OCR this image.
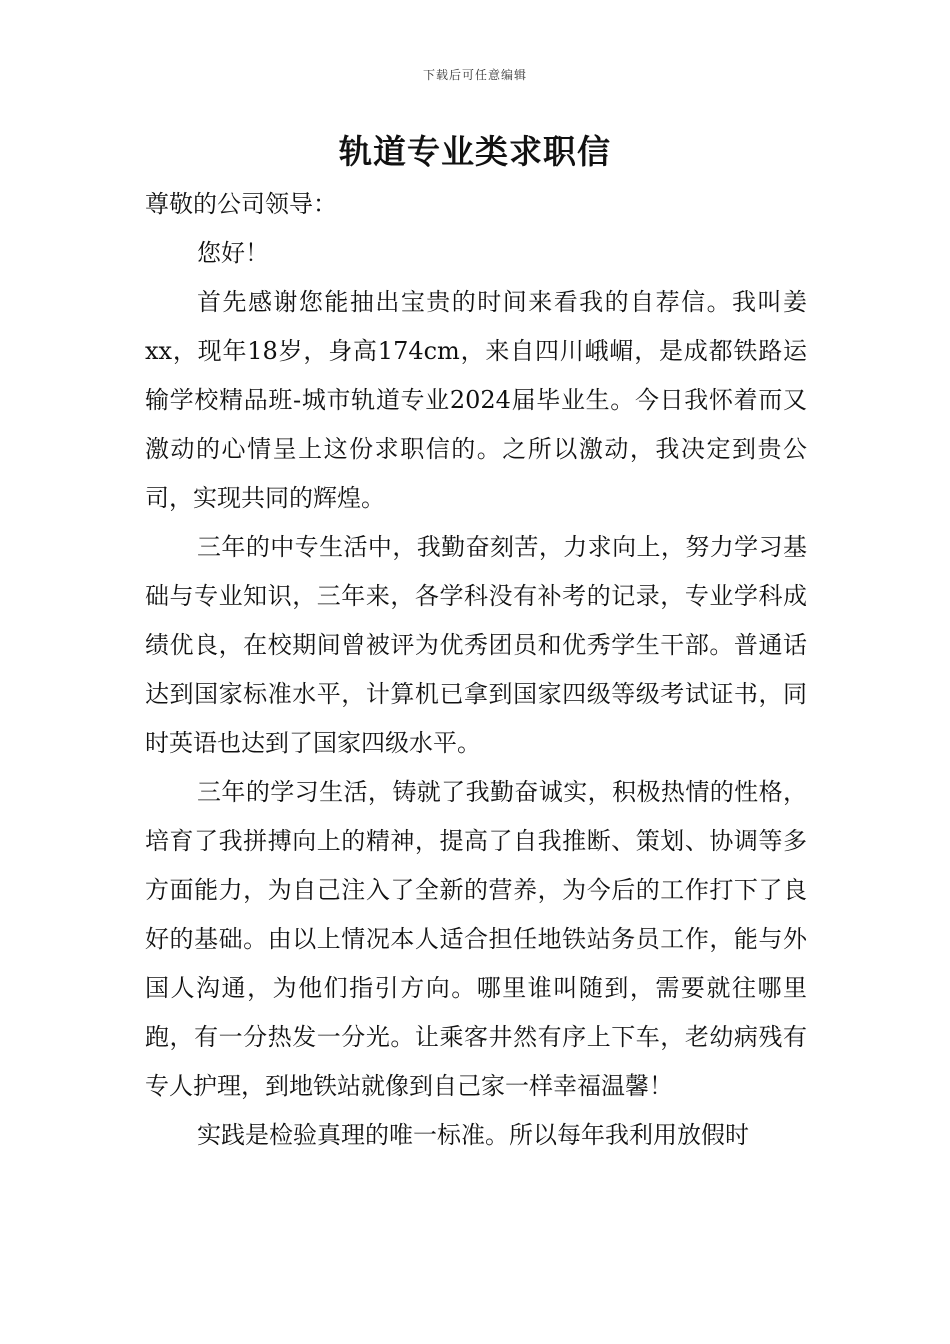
下载后可任意编辑
轨道专业类求职信

尊敬的公司领导：

您好！

首先感谢您能抽出宝贵的时间来看我的自荐信。我叫姜xx，现年18岁，身高174cm，来自四川峨嵋，是成都铁路运输学校精品班-城市轨道专业2024届毕业生。今日我怀着而又激动的心情呈上这份求职信的。之所以激动，我决定到贵公司，实现共同的辉煌。

三年的中专生活中，我勤奋刻苦，力求向上，努力学习基础与专业知识，三年来，各学科没有补考的记录，专业学科成绩优良，在校期间曾被评为优秀团员和优秀学生干部。普通话达到国家标准水平，计算机已拿到国家四级等级考试证书，同时英语也达到了国家四级水平。

三年的学习生活，铸就了我勤奋诚实，积极热情的性格，培育了我拼搏向上的精神，提高了自我推断、策划、协调等多方面能力，为自己注入了全新的营养，为今后的工作打下了良好的基础。由以上情况本人适合担任地铁站务员工作，能与外国人沟通，为他们指引方向。哪里谁叫随到，需要就往哪里跑，有一分热发一分光。让乘客井然有序上下车，老幼病残有专人护理，到地铁站就像到自己家一样幸福温馨！

实践是检验真理的唯一标准。所以每年我利用放假时
